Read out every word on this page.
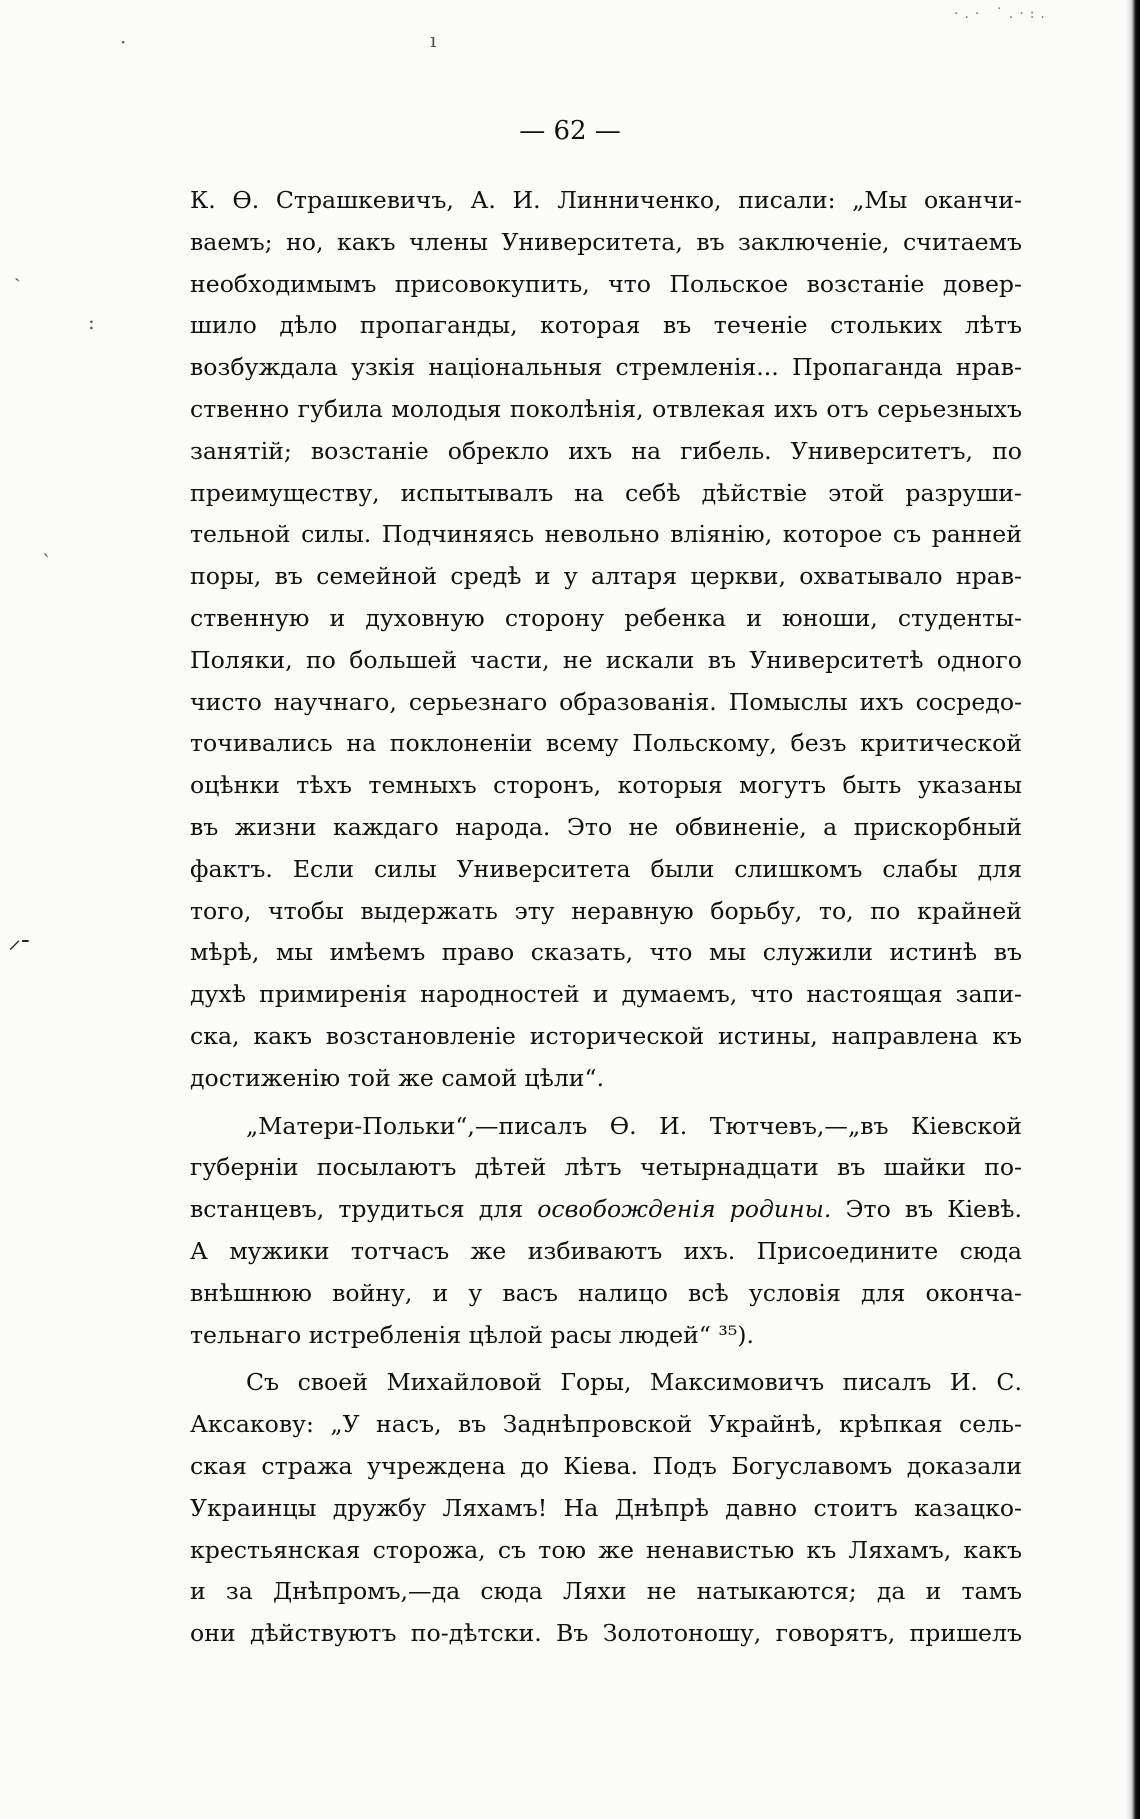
·.· ˙.·:.
·	ı
ˏ
:
`
⸝-
— 62 —

К. Ѳ. Страшкевичъ, А. И. Линниченко, писали: „Мы оканчи-

ваемъ; но, какъ члены Университета, въ заключеніе, считаемъ

необходимымъ присовокупить, что Польское возстаніе довер-

шило дѣло пропаганды, которая въ теченіе стольких лѣтъ

возбуждала узкія національныя стремленія... Пропаганда нрав-

ственно губила молодыя поколѣнія, отвлекая ихъ отъ серьезныхъ

занятій; возстаніе обрекло ихъ на гибель. Университетъ, по

преимуществу, испытывалъ на себѣ дѣйствіе этой разруши-

тельной силы. Подчиняясь невольно вліянію, которое съ ранней

поры, въ семейной средѣ и у алтаря церкви, охватывало нрав-

ственную и духовную сторону ребенка и юноши, студенты-

Поляки, по большей части, не искали въ Университетѣ одного

чисто научнаго, серьезнаго образованія. Помыслы ихъ сосредо-

точивались на поклоненіи всему Польскому, безъ критической

оцѣнки тѣхъ темныхъ сторонъ, которыя могутъ быть указаны

въ жизни каждаго народа. Это не обвиненіе, а прискорбный

фактъ. Если силы Университета были слишкомъ слабы для

того, чтобы выдержать эту неравную борьбу, то, по крайней

мѣрѣ, мы имѣемъ право сказать, что мы служили истинѣ въ

духѣ примиренія народностей и думаемъ, что настоящая запи-

ска, какъ возстановленіе исторической истины, направлена къ

достиженію той же самой цѣли“.

„Матери-Польки“,—писалъ Ѳ. И. Тютчевъ,—„въ Кіевской

губерніи посылаютъ дѣтей лѣтъ четырнадцати въ шайки по-

встанцевъ, трудиться для освобожденія родины. Это въ Кіевѣ.

А мужики тотчасъ же избиваютъ ихъ. Присоедините сюда

внѣшнюю войну, и у васъ налицо всѣ условія для оконча-

тельнаго истребленія цѣлой расы людей“ ³⁵).

Съ своей Михайловой Горы, Максимовичъ писалъ И. С.

Аксакову: „У насъ, въ Заднѣпровской Украйнѣ, крѣпкая сель-

ская стража учреждена до Кіева. Подъ Богуславомъ доказали

Украинцы дружбу Ляхамъ! На Днѣпрѣ давно стоитъ казацко-

крестьянская сторожа, съ тою же ненавистью къ Ляхамъ, какъ

и за Днѣпромъ,—да сюда Ляхи не натыкаются; да и тамъ

они дѣйствуютъ по-дѣтски. Въ Золотоношу, говорятъ, пришелъ
